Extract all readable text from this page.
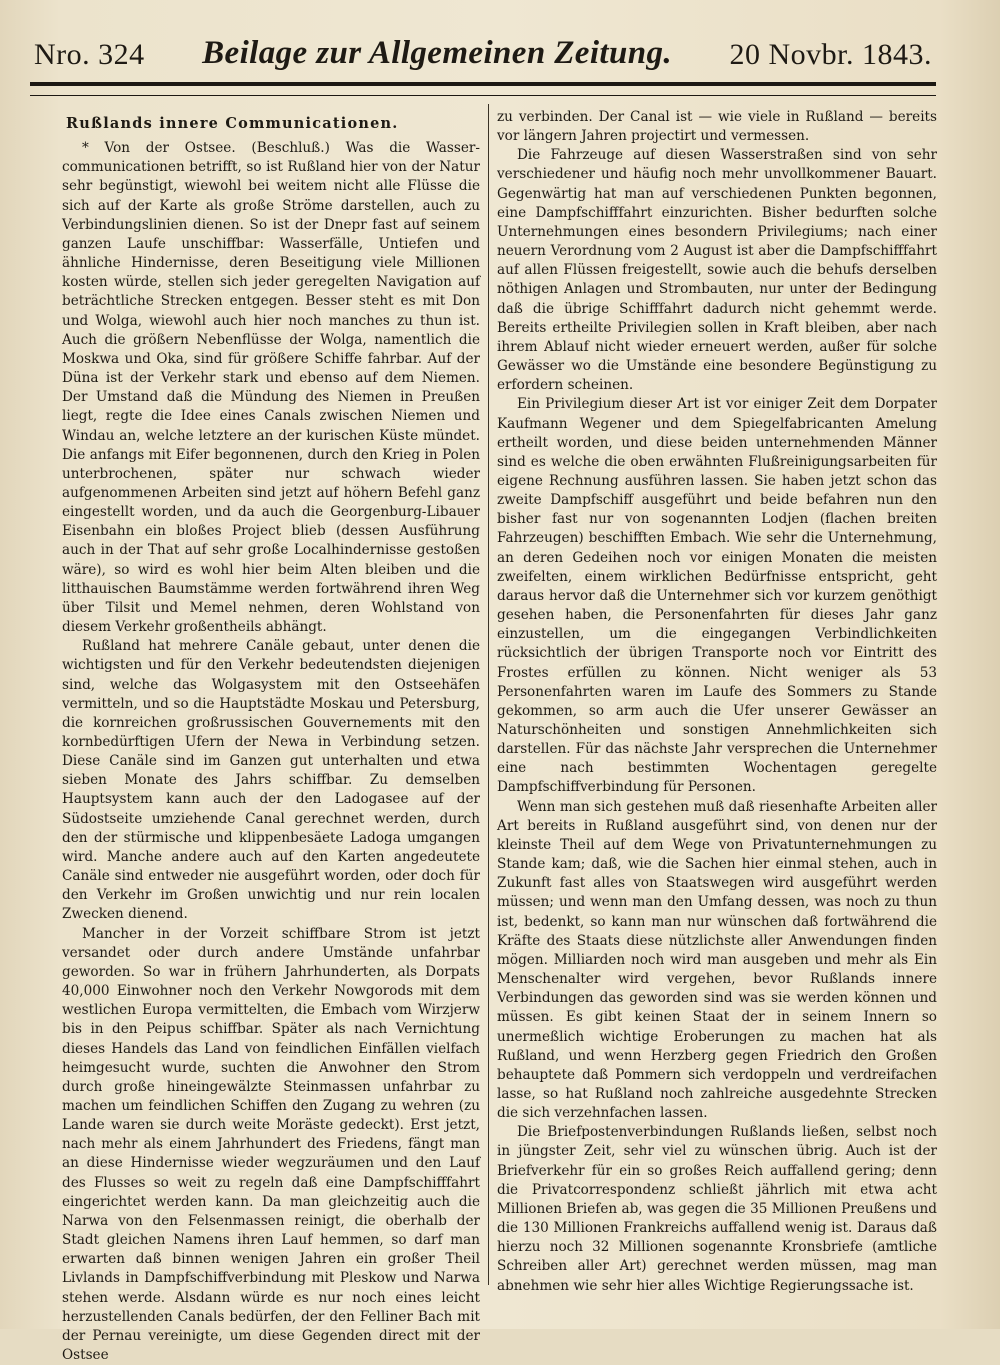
Nro. 324 Beilage zur Allgemeinen Zeitung. 20 Novbr. 1843.
Rußlands innere Communicationen.

* Von der Ostsee. (Beschluß.) Was die Wasser-communicationen betrifft, so ist Rußland hier von der Natur sehr begünstigt, wiewohl bei weitem nicht alle Flüsse die sich auf der Karte als große Ströme darstellen, auch zu Verbindungslinien dienen. So ist der Dnepr fast auf seinem ganzen Laufe unschiffbar: Wasserfälle, Untiefen und ähnliche Hindernisse, deren Beseitigung viele Millionen kosten würde, stellen sich jeder geregelten Navigation auf beträchtliche Strecken entgegen. Besser steht es mit Don und Wolga, wiewohl auch hier noch manches zu thun ist. Auch die größern Nebenflüsse der Wolga, namentlich die Moskwa und Oka, sind für größere Schiffe fahrbar. Auf der Düna ist der Verkehr stark und ebenso auf dem Niemen. Der Umstand daß die Mündung des Niemen in Preußen liegt, regte die Idee eines Canals zwischen Niemen und Windau an, welche letztere an der kurischen Küste mündet. Die anfangs mit Eifer begonnenen, durch den Krieg in Polen unterbrochenen, später nur schwach wieder aufgenommenen Arbeiten sind jetzt auf höhern Befehl ganz eingestellt worden, und da auch die Georgenburg-Libauer Eisenbahn ein bloßes Project blieb (dessen Ausführung auch in der That auf sehr große Localhindernisse gestoßen wäre), so wird es wohl hier beim Alten bleiben und die litthauischen Baumstämme werden fortwährend ihren Weg über Tilsit und Memel nehmen, deren Wohlstand von diesem Verkehr großentheils abhängt.

Rußland hat mehrere Canäle gebaut, unter denen die wichtigsten und für den Verkehr bedeutendsten diejenigen sind, welche das Wolgasystem mit den Ostseehäfen vermitteln, und so die Hauptstädte Moskau und Petersburg, die kornreichen großrussischen Gouvernements mit den kornbedürftigen Ufern der Newa in Verbindung setzen. Diese Canäle sind im Ganzen gut unterhalten und etwa sieben Monate des Jahrs schiffbar. Zu demselben Hauptsystem kann auch der den Ladogasee auf der Südostseite umziehende Canal gerechnet werden, durch den der stürmische und klippenbesäete Ladoga umgangen wird. Manche andere auch auf den Karten angedeutete Canäle sind entweder nie ausgeführt worden, oder doch für den Verkehr im Großen unwichtig und nur rein localen Zwecken dienend.

Mancher in der Vorzeit schiffbare Strom ist jetzt versandet oder durch andere Umstände unfahrbar geworden. So war in frühern Jahrhunderten, als Dorpats 40,000 Einwohner noch den Verkehr Nowgorods mit dem westlichen Europa vermittelten, die Embach vom Wirzjerw bis in den Peipus schiffbar. Später als nach Vernichtung dieses Handels das Land von feindlichen Einfällen vielfach heimgesucht wurde, suchten die Anwohner den Strom durch große hineingewälzte Steinmassen unfahrbar zu machen um feindlichen Schiffen den Zugang zu wehren (zu Lande waren sie durch weite Moräste gedeckt). Erst jetzt, nach mehr als einem Jahrhundert des Friedens, fängt man an diese Hindernisse wieder wegzuräumen und den Lauf des Flusses so weit zu regeln daß eine Dampfschifffahrt eingerichtet werden kann. Da man gleichzeitig auch die Narwa von den Felsenmassen reinigt, die oberhalb der Stadt gleichen Namens ihren Lauf hemmen, so darf man erwarten daß binnen wenigen Jahren ein großer Theil Livlands in Dampfschiffverbindung mit Pleskow und Narwa stehen werde. Alsdann würde es nur noch eines leicht herzustellenden Canals bedürfen, der den Felliner Bach mit der Pernau vereinigte, um diese Gegenden direct mit der Ostsee

zu verbinden. Der Canal ist — wie viele in Rußland — bereits vor längern Jahren projectirt und vermessen.

Die Fahrzeuge auf diesen Wasserstraßen sind von sehr verschiedener und häufig noch mehr unvollkommener Bauart. Gegenwärtig hat man auf verschiedenen Punkten begonnen, eine Dampfschifffahrt einzurichten. Bisher bedurften solche Unternehmungen eines besondern Privilegiums; nach einer neuern Verordnung vom 2 August ist aber die Dampfschifffahrt auf allen Flüssen freigestellt, sowie auch die behufs derselben nöthigen Anlagen und Strombauten, nur unter der Bedingung daß die übrige Schifffahrt dadurch nicht gehemmt werde. Bereits ertheilte Privilegien sollen in Kraft bleiben, aber nach ihrem Ablauf nicht wieder erneuert werden, außer für solche Gewässer wo die Umstände eine besondere Begünstigung zu erfordern scheinen.

Ein Privilegium dieser Art ist vor einiger Zeit dem Dorpater Kaufmann Wegener und dem Spiegelfabricanten Amelung ertheilt worden, und diese beiden unternehmenden Männer sind es welche die oben erwähnten Flußreinigungsarbeiten für eigene Rechnung ausführen lassen. Sie haben jetzt schon das zweite Dampfschiff ausgeführt und beide befahren nun den bisher fast nur von sogenannten Lodjen (flachen breiten Fahrzeugen) beschifften Embach. Wie sehr die Unternehmung, an deren Gedeihen noch vor einigen Monaten die meisten zweifelten, einem wirklichen Bedürfnisse entspricht, geht daraus hervor daß die Unternehmer sich vor kurzem genöthigt gesehen haben, die Personenfahrten für dieses Jahr ganz einzustellen, um die eingegangen Verbindlichkeiten rücksichtlich der übrigen Transporte noch vor Eintritt des Frostes erfüllen zu können. Nicht weniger als 53 Personenfahrten waren im Laufe des Sommers zu Stande gekommen, so arm auch die Ufer unserer Gewässer an Naturschönheiten und sonstigen Annehmlichkeiten sich darstellen. Für das nächste Jahr versprechen die Unternehmer eine nach bestimmten Wochentagen geregelte Dampfschiffverbindung für Personen.

Wenn man sich gestehen muß daß riesenhafte Arbeiten aller Art bereits in Rußland ausgeführt sind, von denen nur der kleinste Theil auf dem Wege von Privatunternehmungen zu Stande kam; daß, wie die Sachen hier einmal stehen, auch in Zukunft fast alles von Staatswegen wird ausgeführt werden müssen; und wenn man den Umfang dessen, was noch zu thun ist, bedenkt, so kann man nur wünschen daß fortwährend die Kräfte des Staats diese nützlichste aller Anwendungen finden mögen. Milliarden noch wird man ausgeben und mehr als Ein Menschenalter wird vergehen, bevor Rußlands innere Verbindungen das geworden sind was sie werden können und müssen. Es gibt keinen Staat der in seinem Innern so unermeßlich wichtige Eroberungen zu machen hat als Rußland, und wenn Herzberg gegen Friedrich den Großen behauptete daß Pommern sich verdoppeln und verdreifachen lasse, so hat Rußland noch zahlreiche ausgedehnte Strecken die sich verzehnfachen lassen.

Die Briefpostenverbindungen Rußlands ließen, selbst noch in jüngster Zeit, sehr viel zu wünschen übrig. Auch ist der Briefverkehr für ein so großes Reich auffallend gering; denn die Privatcorrespondenz schließt jährlich mit etwa acht Millionen Briefen ab, was gegen die 35 Millionen Preußens und die 130 Millionen Frankreichs auffallend wenig ist. Daraus daß hierzu noch 32 Millionen sogenannte Kronsbriefe (amtliche Schreiben aller Art) gerechnet werden müssen, mag man abnehmen wie sehr hier alles Wichtige Regierungssache ist.
